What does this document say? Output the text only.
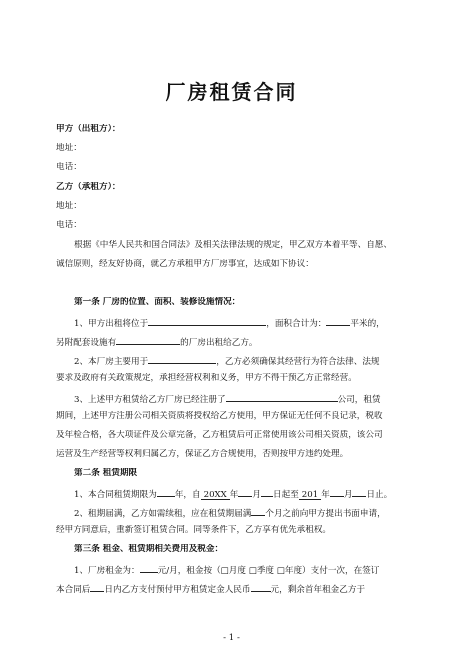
厂房租赁合同
甲方（出租方）：
地址：
电话：
乙方（承租方）：
地址：
电话：
根据《中华人民共和国合同法》及相关法律法规的规定，甲乙双方本着平等、自愿、
诚信原则，经友好协商，就乙方承租甲方厂房事宜，达成如下协议：
第一条 厂房的位置、面积、装修设施情况：
1、甲方出租将位于	，面积合计为：	平米的，
另附配套设施有	的厂房出租给乙方。
2、本厂房主要用于	，乙方必须确保其经营行为符合法律、法规
要求及政府有关政策规定，承担经营权利和义务，甲方不得干预乙方正常经营。
3、上述甲方租赁给乙方厂房已经注册了	公司，租赁
期间，上述甲方注册公司相关资质将授权给乙方使用，甲方保证无任何不良记录，税收
及年检合格，各大项证件及公章完备，乙方租赁后可正常使用该公司相关资质，该公司
运营及生产经营等权利归属乙方，保证乙方合规使用，否则按甲方违约处理。
第二条 租赁期限
1、本合同租赁期限为 年，自 20XX 年 月 日起至 201 年 月 日止。
2、租期届满，乙方如需续租，应在租赁期届满 个月之前向甲方提出书面申请，
经甲方同意后，重新签订租赁合同。同等条件下，乙方享有优先承租权。
第三条 租金、租赁期相关费用及税金：
1、厂房租金为： 元/月，租金按（□月度 □季度 □年度）支付一次，在签订
本合同后 日内乙方支付预付甲方租赁定金人民币 元，剩余首年租金乙方于
- 1 -
